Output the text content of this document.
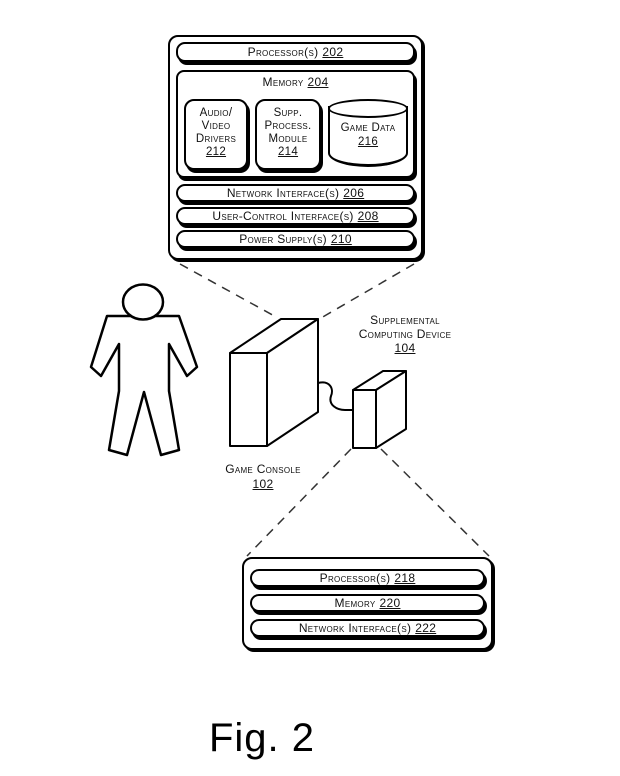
Processor(s) 202
Memory 204
Audio/
Video
Drivers
212
Supp.
Process.
Module
214
Game Data
216
Network Interface(s) 206
User-Control Interface(s) 208
Power Supply(s) 210
Supplemental
Computing Device
104
Game Console
102
Processor(s) 218
Memory 220
Network Interface(s) 222
Fig. 2
